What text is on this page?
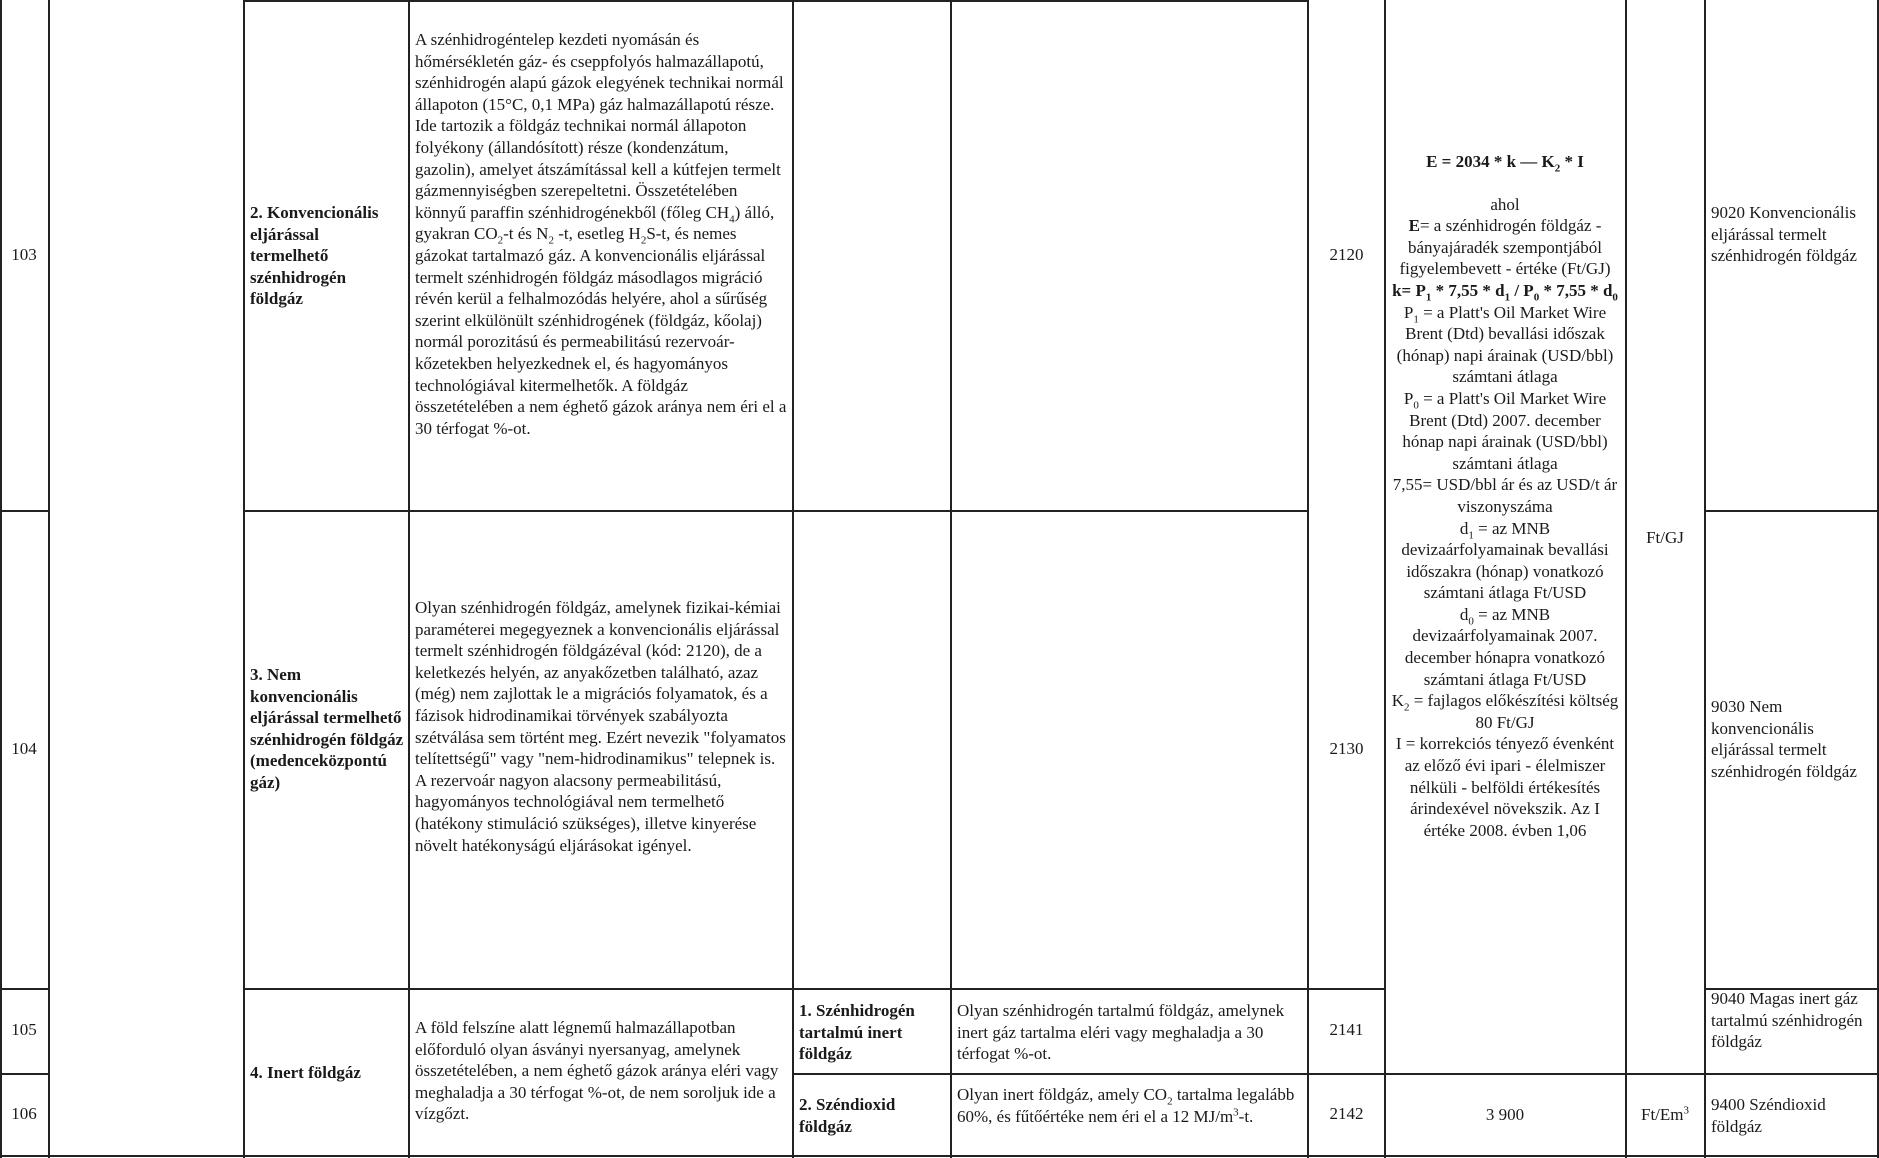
103
104
105
106
2. Konvencionális eljárással termelhető szénhidrogén földgáz
3. Nem konvencionális eljárással termelhető szénhidrogén földgáz (medenceközpontú gáz)
4. Inert földgáz
A szénhidrogéntelep kezdeti nyomásán és hőmérsékletén gáz- és cseppfolyós halmazállapotú, szénhidrogén alapú gázok elegyének technikai normál állapoton (15°C, 0,1 MPa) gáz halmazállapotú része. Ide tartozik a földgáz technikai normál állapoton folyékony (állandósított) része (kondenzátum, gazolin), amelyet átszámítással kell a kútfejen termelt gázmennyiségben szerepeltetni. Összetételében könnyű paraffin szénhidrogénekből (főleg $CH_4$) álló, gyakran $CO_2-t$ és $N_2$ -t, esetleg $H_2S-t$, és nemes gázokat tartalmazó gáz. A konvencionális eljárással termelt szénhidrogén földgáz másodlagos migráció révén kerül a felhalmozódás helyére, ahol a sűrűség szerint elkülönült szénhidrogének (földgáz, kőolaj) normál porozitású és permeabilitású rezervoár-kőzetekben helyezkednek el, és hagyományos technológiával kitermelhetők. A földgáz összetételében a nem éghető gázok aránya nem éri el a 30 térfogat %-ot.
Olyan szénhidrogén földgáz, amelynek fizikai-kémiai paraméterei megegyeznek a konvencionális eljárással termelt szénhidrogén földgázéval (kód: 2120), de a keletkezés helyén, az anyakőzetben található, azaz (még) nem zajlottak le a migrációs folyamatok, és a fázisok hidrodinamikai törvények szabályozta szétválása sem történt meg. Ezért nevezik "folyamatos telítettségű" vagy "nem-hidrodinamikus" telepnek is. A rezervoár nagyon alacsony permeabilitású, hagyományos technológiával nem termelhető (hatékony stimuláció szükséges), illetve kinyerése növelt hatékonyságú eljárásokat igényel.
A föld felszíne alatt légnemű halmazállapotban előforduló olyan ásványi nyersanyag, amelynek összetételében, a nem éghető gázok aránya eléri vagy meghaladja a 30 térfogat %-ot, de nem soroljuk ide a vízgőzt.
1. Szénhidrogén tartalmú inert földgáz
2. Széndioxid földgáz
Olyan szénhidrogén tartalmú földgáz, amelynek inert gáz tartalma eléri vagy meghaladja a 30 térfogat %-ot.
Olyan inert földgáz, amely $CO_2$ tartalma legalább 60%, és fűtőértéke nem éri el a 12 $MJ/m^3-t$.
2120
2130
2141
2142
E = 2034 * k — $K_2$ * I
ahol
E= a szénhidrogén földgáz - bányajáradék szempontjából figyelembevett - értéke (Ft/GJ)
$k= P_1 * 7,55 * d_1 / P_0 * 7,55 * d_0$
$P_1 = a$ Platt's Oil Market Wire Brent (Dtd) bevallási időszak (hónap) napi árainak (USD/bbl) számtani átlaga
$P_0 = a$ Platt's Oil Market Wire Brent (Dtd) 2007. december hónap napi árainak (USD/bbl) számtani átlaga
7,55= USD/bbl ár és az USD/t ár viszonyszáma
$d_1$ = az MNB devizaárfolyamainak bevallási időszakra (hónap) vonatkozó számtani átlaga Ft/USD
$d_0$ = az MNB devizaárfolyamainak 2007. december hónapra vonatkozó számtani átlaga Ft/USD
$K_2$ = fajlagos előkészítési költség 80 Ft/GJ
I = korrekciós tényező évenként az előző évi ipari - élelmiszer nélküli - belföldi értékesítés árindexével növekszik. Az I értéke 2008. évben 1,06
3 900
Ft/GJ
Ft/Em$^3$
9020 Konvencionális eljárással termelt szénhidrogén földgáz
9030 Nem konvencionális eljárással termelt szénhidrogén földgáz
9040 Magas inert gáz tartalmú szénhidrogén földgáz
9400 Széndioxid földgáz
